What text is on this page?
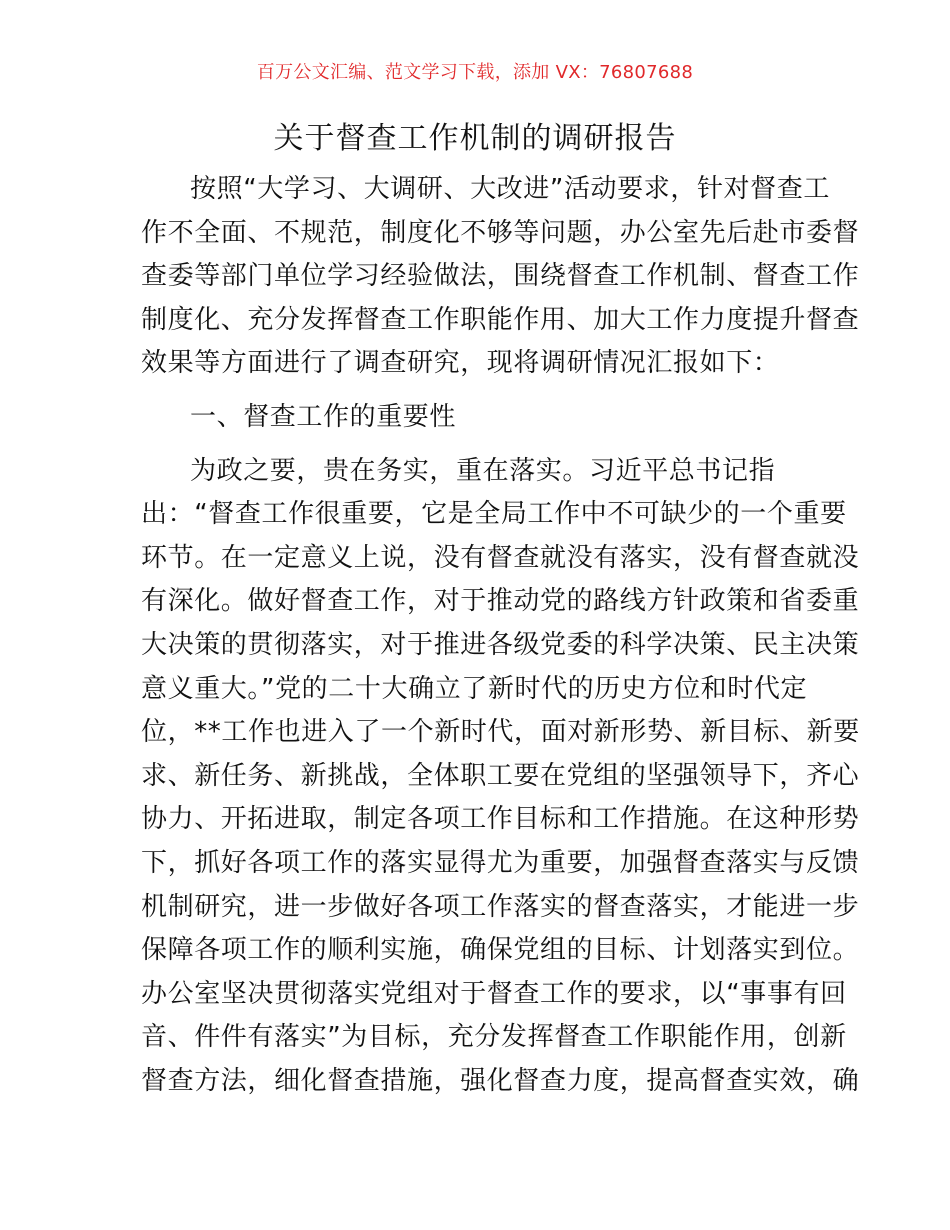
百万公文汇编、范文学习下载，添加 VX：76807688
关于督查工作机制的调研报告
按照“大学习、大调研、大改进”活动要求，针对督查工
作不全面、不规范，制度化不够等问题，办公室先后赴市委督
查委等部门单位学习经验做法，围绕督查工作机制、督查工作
制度化、充分发挥督查工作职能作用、加大工作力度提升督查
效果等方面进行了调查研究，现将调研情况汇报如下：
一、督查工作的重要性
为政之要，贵在务实，重在落实。习近平总书记指
出：“督查工作很重要，它是全局工作中不可缺少的一个重要
环节。在一定意义上说，没有督查就没有落实，没有督查就没
有深化。做好督查工作，对于推动党的路线方针政策和省委重
大决策的贯彻落实，对于推进各级党委的科学决策、民主决策
意义重大。”党的二十大确立了新时代的历史方位和时代定
位，**工作也进入了一个新时代，面对新形势、新目标、新要
求、新任务、新挑战，全体职工要在党组的坚强领导下，齐心
协力、开拓进取，制定各项工作目标和工作措施。在这种形势
下，抓好各项工作的落实显得尤为重要，加强督查落实与反馈
机制研究，进一步做好各项工作落实的督查落实，才能进一步
保障各项工作的顺利实施，确保党组的目标、计划落实到位。
办公室坚决贯彻落实党组对于督查工作的要求，以“事事有回
音、件件有落实”为目标，充分发挥督查工作职能作用，创新
督查方法，细化督查措施，强化督查力度，提高督查实效，确
